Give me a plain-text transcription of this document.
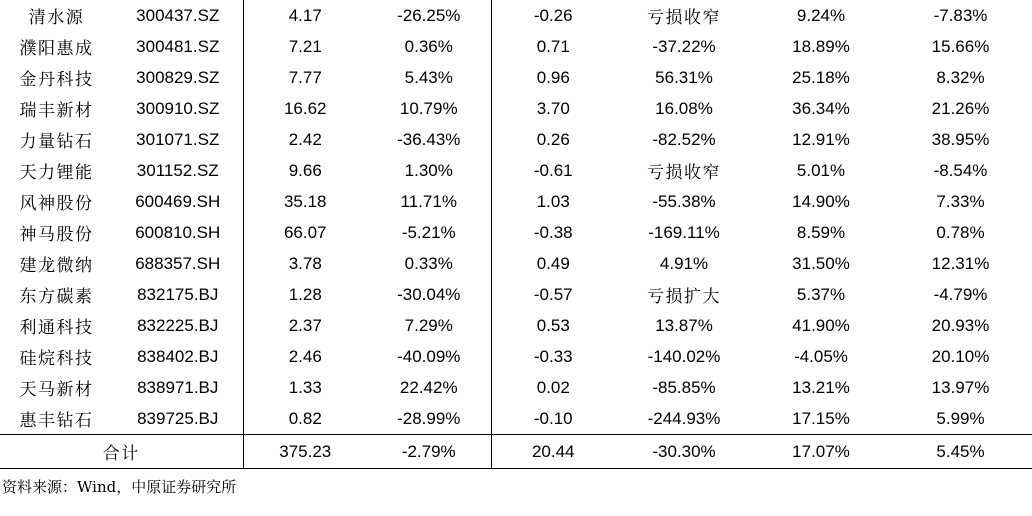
清水源	300437.SZ	4.17	-26.25%	-0.26	亏损收窄	9.24%	-7.83%
濮阳惠成	300481.SZ	7.21	0.36%	0.71	-37.22%	18.89%	15.66%
金丹科技	300829.SZ	7.77	5.43%	0.96	56.31%	25.18%	8.32%
瑞丰新材	300910.SZ	16.62	10.79%	3.70	16.08%	36.34%	21.26%
力量钻石	301071.SZ	2.42	-36.43%	0.26	-82.52%	12.91%	38.95%
天力锂能	301152.SZ	9.66	1.30%	-0.61	亏损收窄	5.01%	-8.54%
风神股份	600469.SH	35.18	11.71%	1.03	-55.38%	14.90%	7.33%
神马股份	600810.SH	66.07	-5.21%	-0.38	-169.11%	8.59%	0.78%
建龙微纳	688357.SH	3.78	0.33%	0.49	4.91%	31.50%	12.31%
东方碳素	832175.BJ	1.28	-30.04%	-0.57	亏损扩大	5.37%	-4.79%
利通科技	832225.BJ	2.37	7.29%	0.53	13.87%	41.90%	20.93%
硅烷科技	838402.BJ	2.46	-40.09%	-0.33	-140.02%	-4.05%	20.10%
天马新材	838971.BJ	1.33	22.42%	0.02	-85.85%	13.21%	13.97%
惠丰钻石	839725.BJ	0.82	-28.99%	-0.10	-244.93%	17.15%	5.99%
合计		375.23	-2.79%	20.44	-30.30%	17.07%	5.45%
资料来源：Wind，中原证券研究所
